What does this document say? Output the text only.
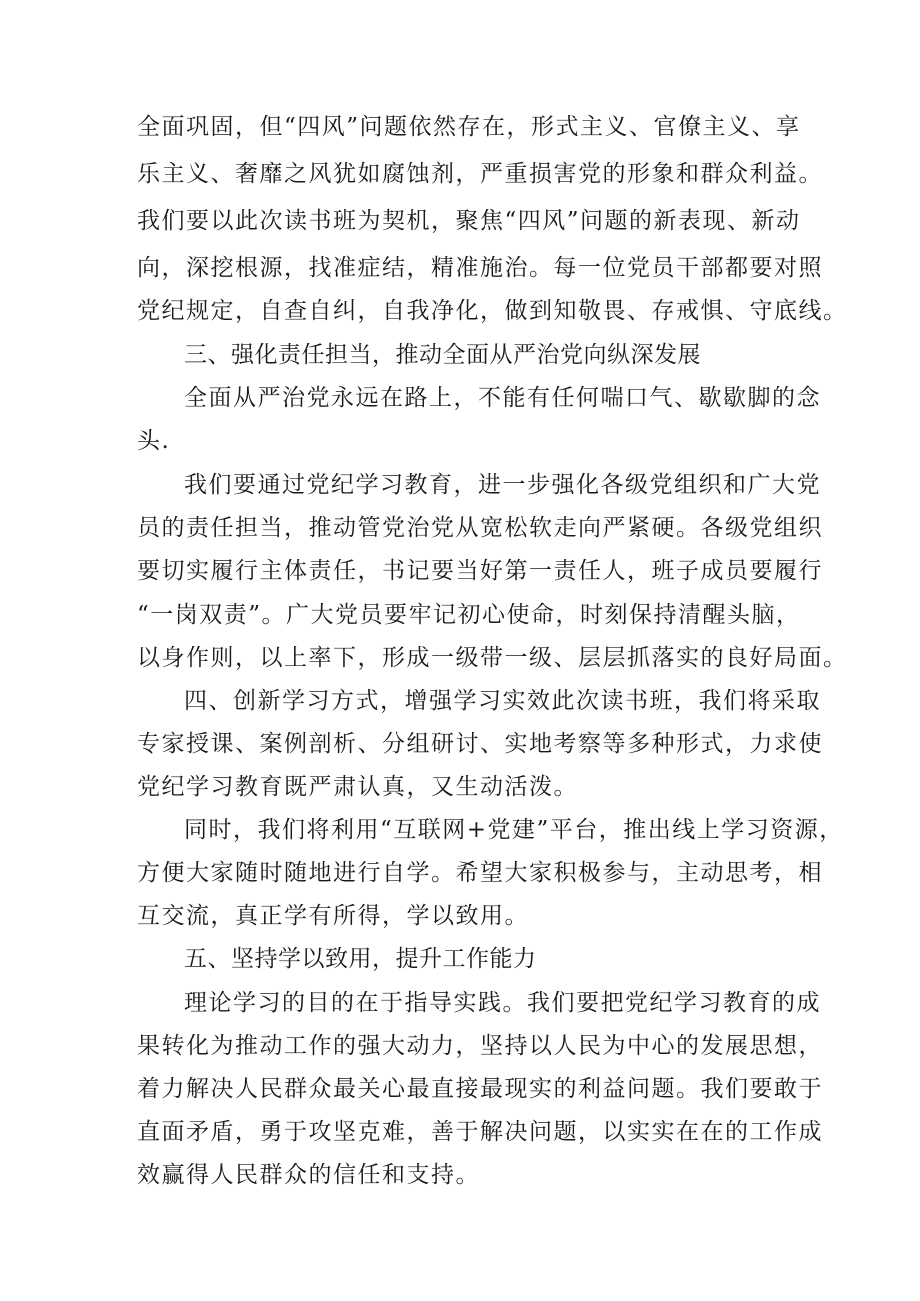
全面巩固，但“四风”问题依然存在，形式主义、官僚主义、享
乐主义、奢靡之风犹如腐蚀剂，严重损害党的形象和群众利益。
我们要以此次读书班为契机，聚焦“四风”问题的新表现、新动
向，深挖根源，找准症结，精准施治。每一位党员干部都要对照
党纪规定，自查自纠，自我净化，做到知敬畏、存戒惧、守底线。
三、强化责任担当，推动全面从严治党向纵深发展
全面从严治党永远在路上，不能有任何喘口气、歇歇脚的念
头.
我们要通过党纪学习教育，进一步强化各级党组织和广大党
员的责任担当，推动管党治党从宽松软走向严紧硬。各级党组织
要切实履行主体责任，书记要当好第一责任人，班子成员要履行
“一岗双责”。广大党员要牢记初心使命，时刻保持清醒头脑，
以身作则，以上率下，形成一级带一级、层层抓落实的良好局面。
四、创新学习方式，增强学习实效此次读书班，我们将采取
专家授课、案例剖析、分组研讨、实地考察等多种形式，力求使
党纪学习教育既严肃认真，又生动活泼。
同时，我们将利用“互联网+党建”平台，推出线上学习资源，
方便大家随时随地进行自学。希望大家积极参与，主动思考，相
互交流，真正学有所得，学以致用。
五、坚持学以致用，提升工作能力
理论学习的目的在于指导实践。我们要把党纪学习教育的成
果转化为推动工作的强大动力，坚持以人民为中心的发展思想，
着力解决人民群众最关心最直接最现实的利益问题。我们要敢于
直面矛盾，勇于攻坚克难，善于解决问题，以实实在在的工作成
效赢得人民群众的信任和支持。
